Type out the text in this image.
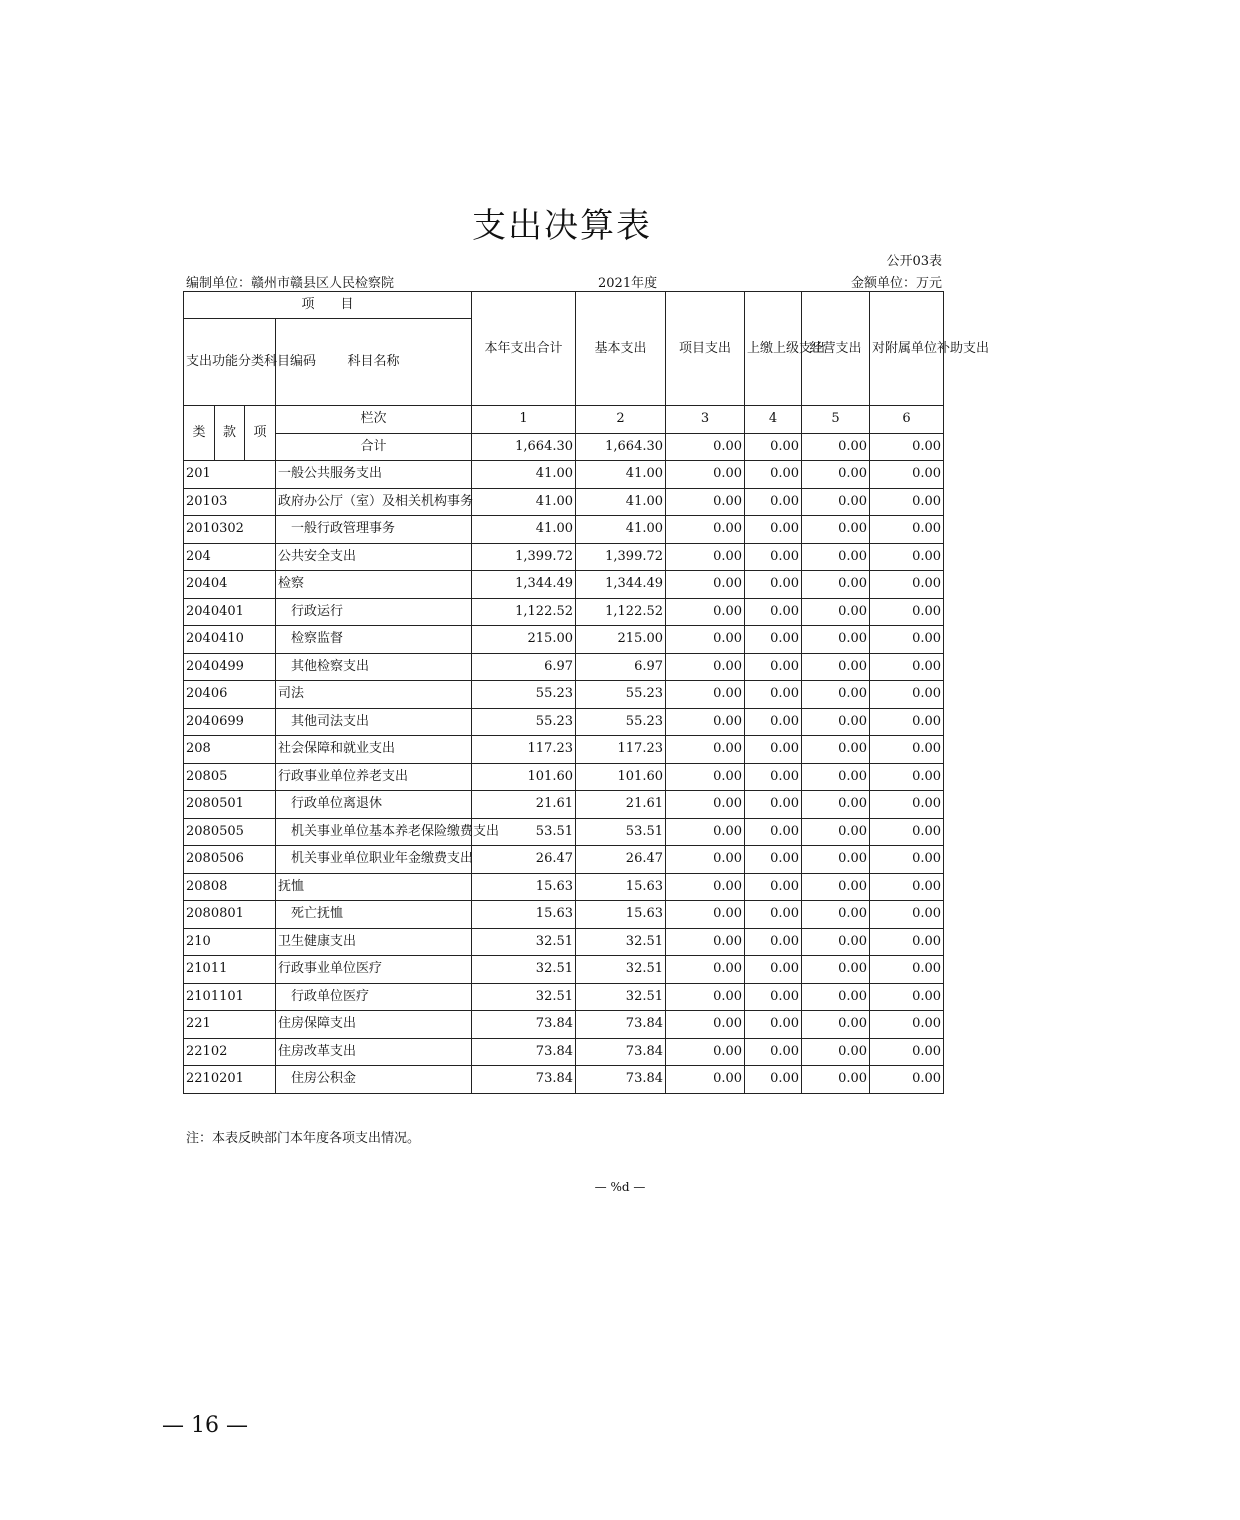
支出决算表
公开03表
编制单位：赣州市赣县区人民检察院	2021年度	金额单位：万元
项　　目				本年支出合计	基本支出	项目支出	上缴上级支出	经营支出	对附属单位补助支出
支出功能分类科目编码			科目名称						
类	款	项	栏次	1	2	3	4	5	6
			合计	1,664.30	1,664.30	0.00	0.00	0.00	0.00
201			一般公共服务支出	41.00	41.00	0.00	0.00	0.00	0.00
20103			政府办公厅（室）及相关机构事务	41.00	41.00	0.00	0.00	0.00	0.00
2010302			　一般行政管理事务	41.00	41.00	0.00	0.00	0.00	0.00
204			公共安全支出	1,399.72	1,399.72	0.00	0.00	0.00	0.00
20404			检察	1,344.49	1,344.49	0.00	0.00	0.00	0.00
2040401			　行政运行	1,122.52	1,122.52	0.00	0.00	0.00	0.00
2040410			　检察监督	215.00	215.00	0.00	0.00	0.00	0.00
2040499			　其他检察支出	6.97	6.97	0.00	0.00	0.00	0.00
20406			司法	55.23	55.23	0.00	0.00	0.00	0.00
2040699			　其他司法支出	55.23	55.23	0.00	0.00	0.00	0.00
208			社会保障和就业支出	117.23	117.23	0.00	0.00	0.00	0.00
20805			行政事业单位养老支出	101.60	101.60	0.00	0.00	0.00	0.00
2080501			　行政单位离退休	21.61	21.61	0.00	0.00	0.00	0.00
2080505			　机关事业单位基本养老保险缴费支出	53.51	53.51	0.00	0.00	0.00	0.00
2080506			　机关事业单位职业年金缴费支出	26.47	26.47	0.00	0.00	0.00	0.00
20808			抚恤	15.63	15.63	0.00	0.00	0.00	0.00
2080801			　死亡抚恤	15.63	15.63	0.00	0.00	0.00	0.00
210			卫生健康支出	32.51	32.51	0.00	0.00	0.00	0.00
21011			行政事业单位医疗	32.51	32.51	0.00	0.00	0.00	0.00
2101101			　行政单位医疗	32.51	32.51	0.00	0.00	0.00	0.00
221			住房保障支出	73.84	73.84	0.00	0.00	0.00	0.00
22102			住房改革支出	73.84	73.84	0.00	0.00	0.00	0.00
2210201			　住房公积金	73.84	73.84	0.00	0.00	0.00	0.00
注：本表反映部门本年度各项支出情况。
— %d —
— 16 —
